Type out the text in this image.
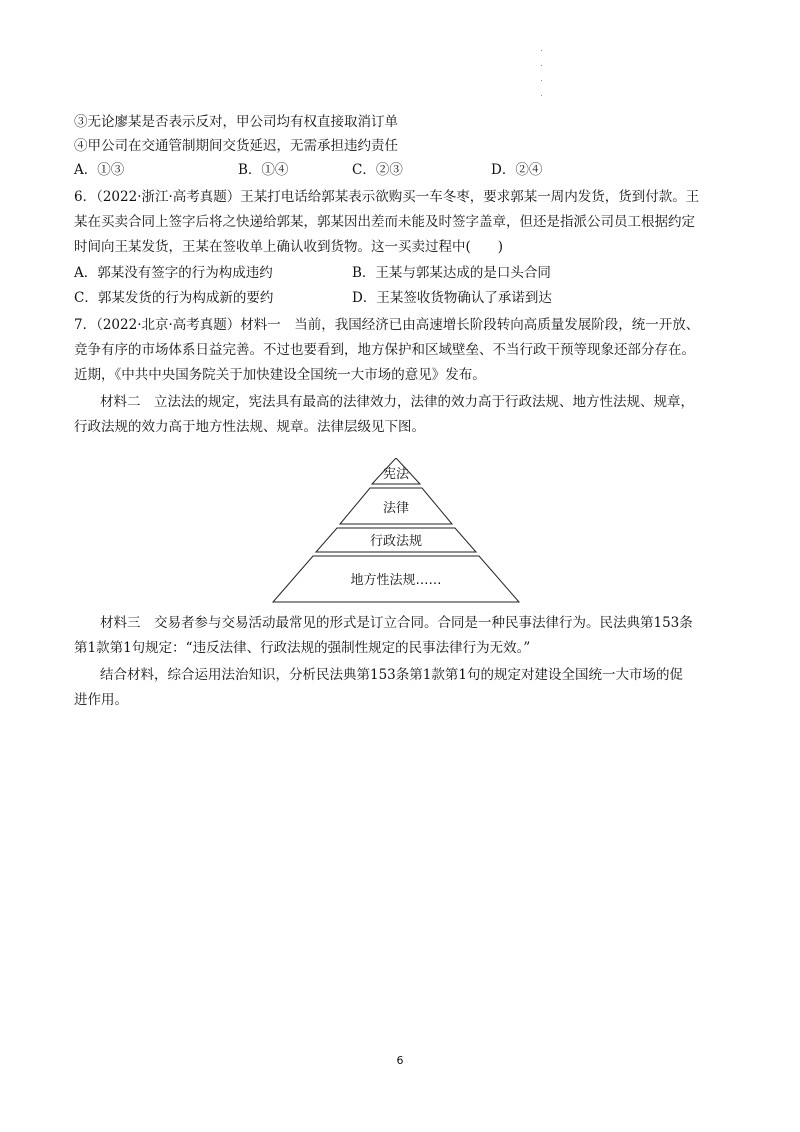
③无论廖某是否表示反对，甲公司均有权直接取消订单
④甲公司在交通管制期间交货延迟，无需承担违约责任
A．①③	B．①④	C．②③	D．②④
6．（2022·浙江·高考真题）王某打电话给郭某表示欲购买一车冬枣，要求郭某一周内发货，货到付款。王
某在买卖合同上签字后将之快递给郭某，郭某因出差而未能及时签字盖章，但还是指派公司员工根据约定
时间向王某发货，王某在签收单上确认收到货物。这一买卖过程中(　　)
A．郭某没有签字的行为构成违约	B．王某与郭某达成的是口头合同
C．郭某发货的行为构成新的要约	D．王某签收货物确认了承诺到达
7．（2022·北京·高考真题）材料一　当前，我国经济已由高速增长阶段转向高质量发展阶段，统一开放、
竞争有序的市场体系日益完善。不过也要看到，地方保护和区域壁垒、不当行政干预等现象还部分存在。
近期，《中共中央国务院关于加快建设全国统一大市场的意见》发布。
材料二　立法法的规定，宪法具有最高的法律效力，法律的效力高于行政法规、地方性法规、规章，
行政法规的效力高于地方性法规、规章。法律层级见下图。
宪法
法律
行政法规
地方性法规……
材料三　交易者参与交易活动最常见的形式是订立合同。合同是一种民事法律行为。民法典第153条
第1款第1句规定：“违反法律、行政法规的强制性规定的民事法律行为无效。”
结合材料，综合运用法治知识，分析民法典第153条第1款第1句的规定对建设全国统一大市场的促
进作用。
6
